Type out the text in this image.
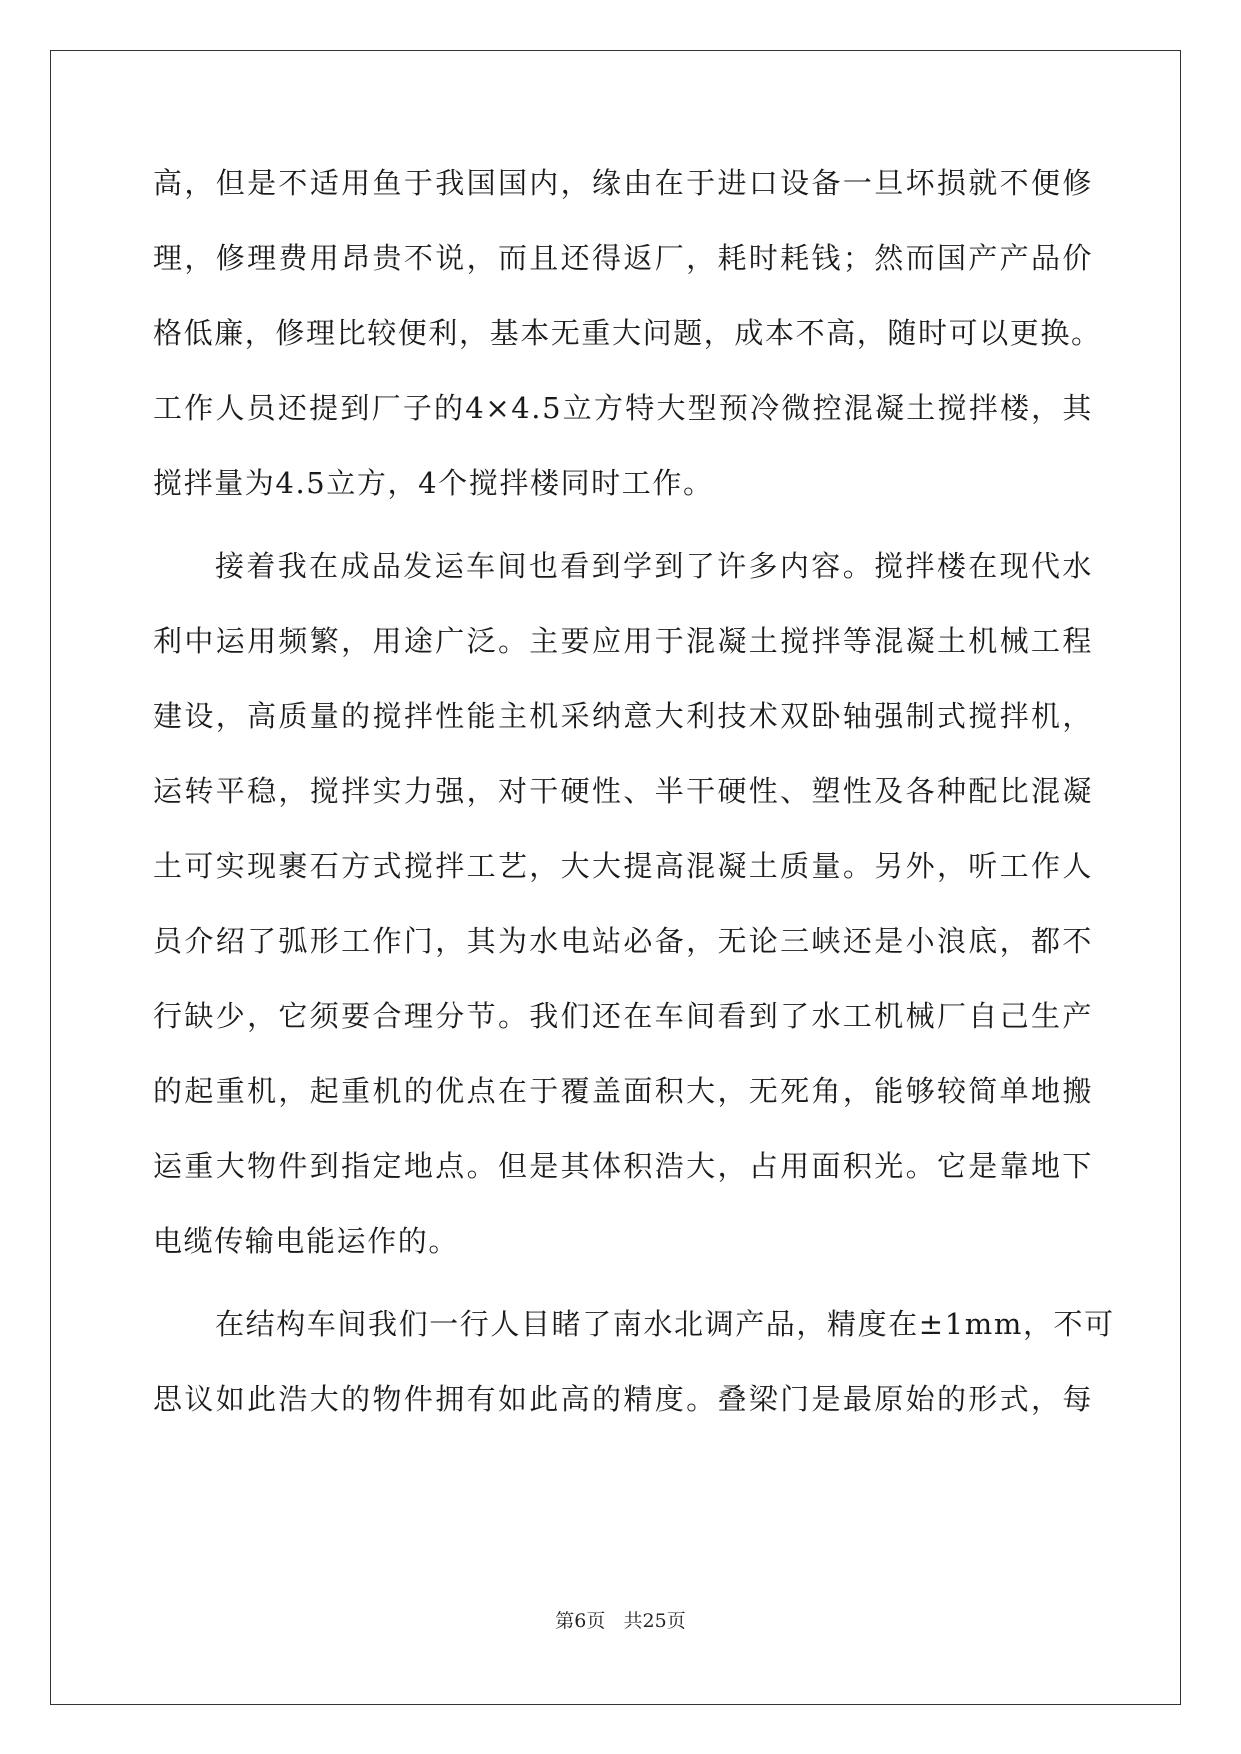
高，但是不适用鱼于我国国内，缘由在于进口设备一旦坏损就不便修
理，修理费用昂贵不说，而且还得返厂，耗时耗钱；然而国产产品价
格低廉，修理比较便利，基本无重大问题，成本不高，随时可以更换。
工作人员还提到厂子的4×4.5立方特大型预冷微控混凝土搅拌楼，其
搅拌量为4.5立方，4个搅拌楼同时工作。
接着我在成品发运车间也看到学到了许多内容。搅拌楼在现代水
利中运用频繁，用途广泛。主要应用于混凝土搅拌等混凝土机械工程
建设，高质量的搅拌性能主机采纳意大利技术双卧轴强制式搅拌机，
运转平稳，搅拌实力强，对干硬性、半干硬性、塑性及各种配比混凝
土可实现裹石方式搅拌工艺，大大提高混凝土质量。另外，听工作人
员介绍了弧形工作门，其为水电站必备，无论三峡还是小浪底，都不
行缺少，它须要合理分节。我们还在车间看到了水工机械厂自己生产
的起重机，起重机的优点在于覆盖面积大，无死角，能够较简单地搬
运重大物件到指定地点。但是其体积浩大，占用面积光。它是靠地下
电缆传输电能运作的。
在结构车间我们一行人目睹了南水北调产品，精度在±1mm，不可
思议如此浩大的物件拥有如此高的精度。叠梁门是最原始的形式，每
第6页 共25页
